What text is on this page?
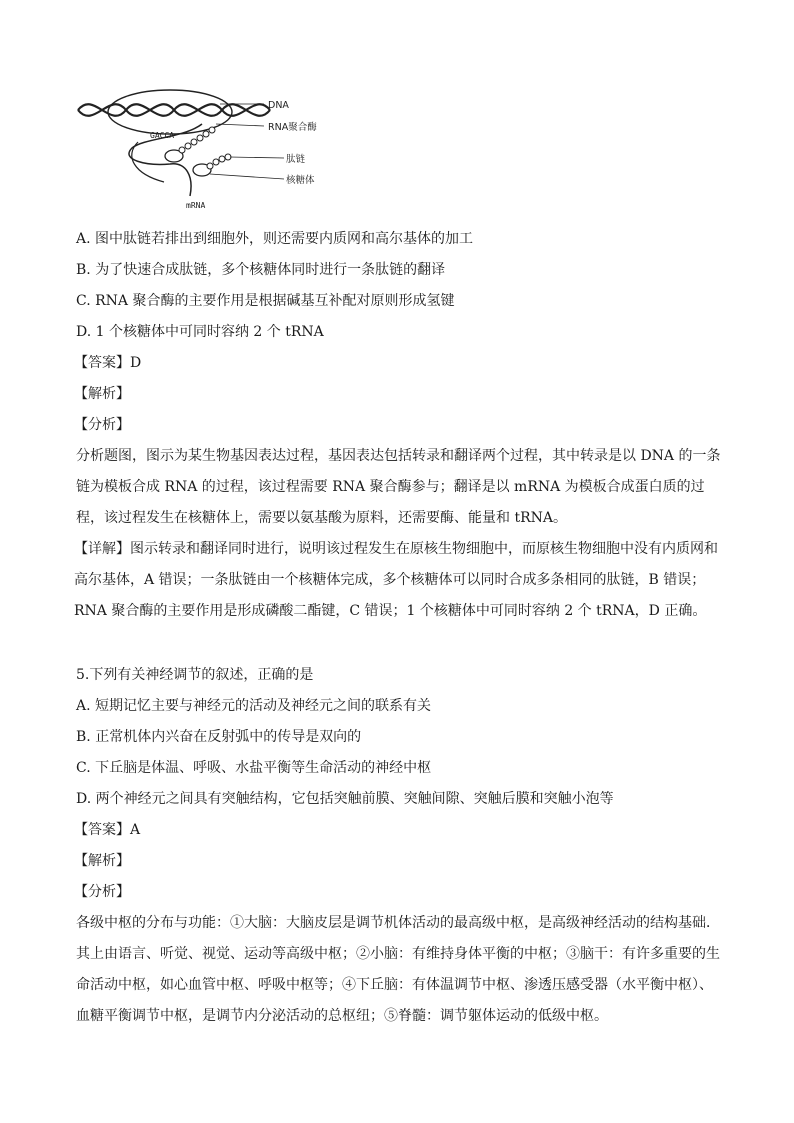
GACCA
DNA
RNA聚合酶
肽链
核糖体
mRNA
A. 图中肽链若排出到细胞外，则还需要内质网和高尔基体的加工
B. 为了快速合成肽链，多个核糖体同时进行一条肽链的翻译
C. RNA 聚合酶的主要作用是根据碱基互补配对原则形成氢键
D. 1 个核糖体中可同时容纳 2 个 tRNA
【答案】D
【解析】
【分析】
分析题图，图示为某生物基因表达过程，基因表达包括转录和翻译两个过程，其中转录是以 DNA 的一条链为模板合成 RNA 的过程，该过程需要 RNA 聚合酶参与；翻译是以 mRNA 为模板合成蛋白质的过程，该过程发生在核糖体上，需要以氨基酸为原料，还需要酶、能量和 tRNA。
【详解】图示转录和翻译同时进行，说明该过程发生在原核生物细胞中，而原核生物细胞中没有内质网和高尔基体，A 错误；一条肽链由一个核糖体完成，多个核糖体可以同时合成多条相同的肽链，B 错误；RNA 聚合酶的主要作用是形成磷酸二酯键，C 错误；1 个核糖体中可同时容纳 2 个 tRNA，D 正确。
5.下列有关神经调节的叙述，正确的是
A. 短期记忆主要与神经元的活动及神经元之间的联系有关
B. 正常机体内兴奋在反射弧中的传导是双向的
C. 下丘脑是体温、呼吸、水盐平衡等生命活动的神经中枢
D. 两个神经元之间具有突触结构，它包括突触前膜、突触间隙、突触后膜和突触小泡等
【答案】A
【解析】
【分析】
各级中枢的分布与功能：①大脑：大脑皮层是调节机体活动的最高级中枢，是高级神经活动的结构基础．其上由语言、听觉、视觉、运动等高级中枢；②小脑：有维持身体平衡的中枢；③脑干：有许多重要的生命活动中枢，如心血管中枢、呼吸中枢等；④下丘脑：有体温调节中枢、渗透压感受器（水平衡中枢）、血糖平衡调节中枢，是调节内分泌活动的总枢纽；⑤脊髓：调节躯体运动的低级中枢。
